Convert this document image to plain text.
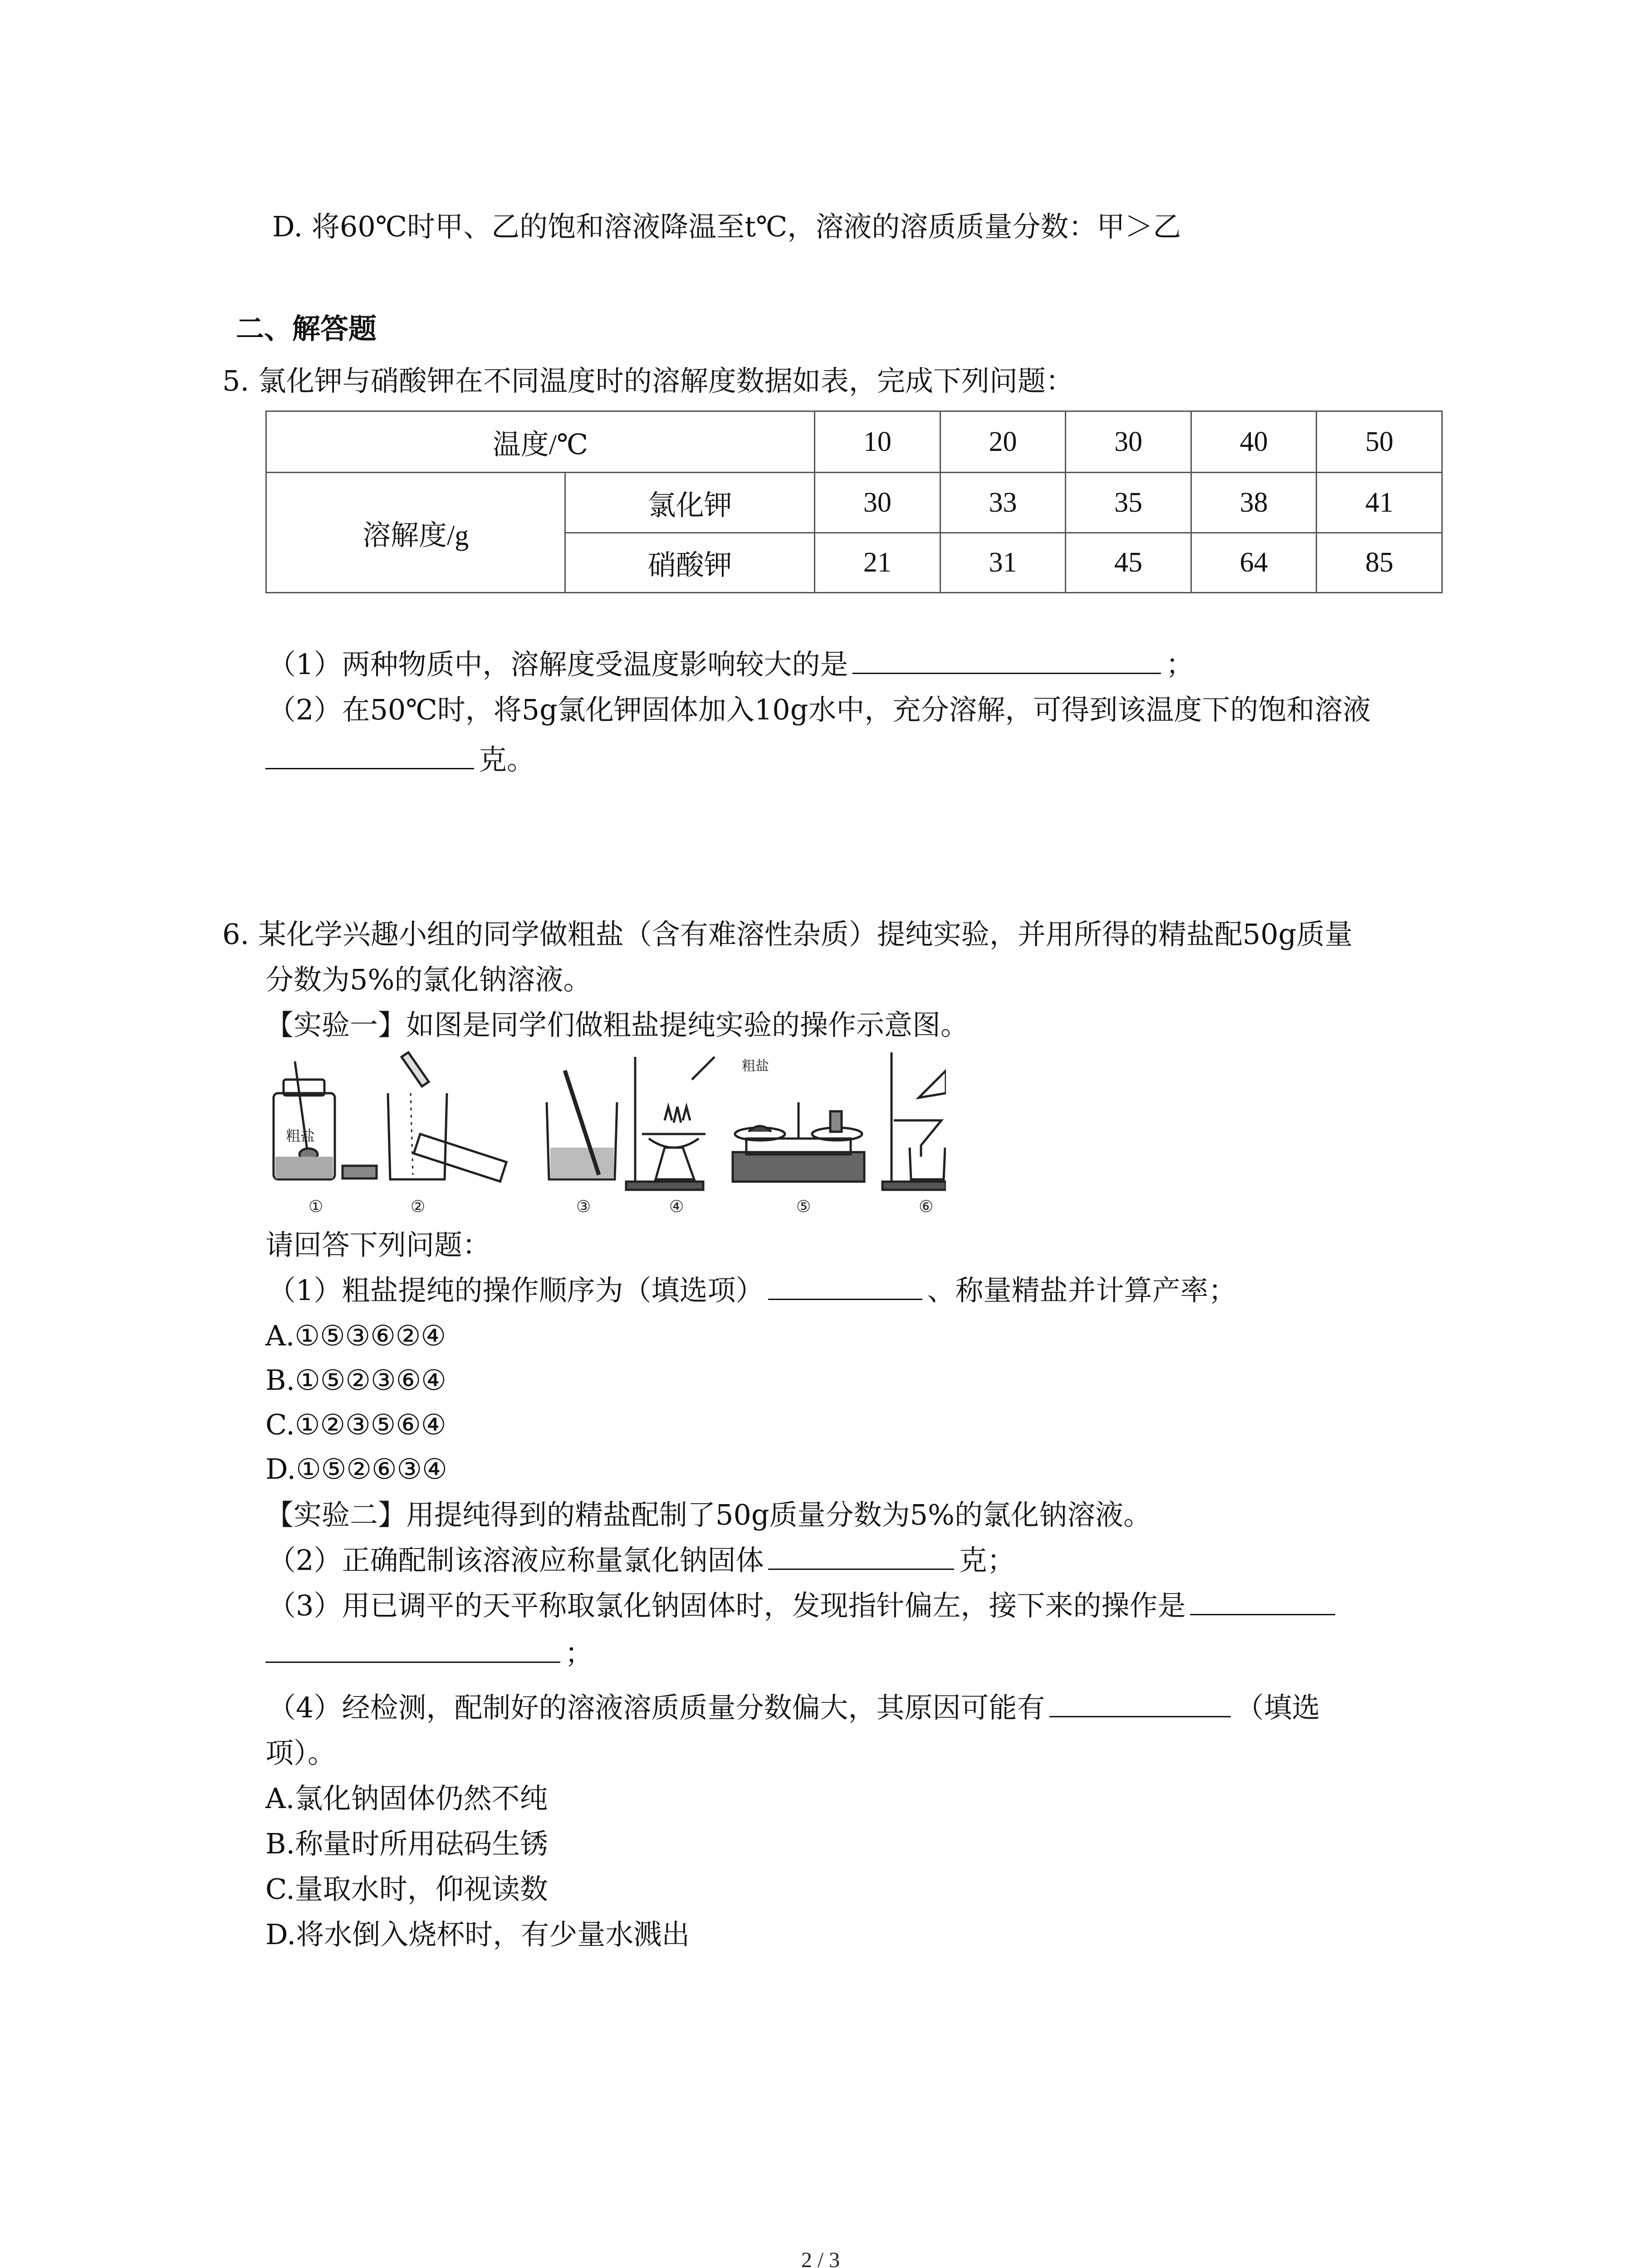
D. 将60℃时甲、乙的饱和溶液降温至t℃，溶液的溶质质量分数：甲＞乙
二、解答题
5. 氯化钾与硝酸钾在不同温度时的溶解度数据如表，完成下列问题：
温度/℃		10	20	30	40	50
溶解度/g	氯化钾	30	33	35	38	41
	硝酸钾	21	31	45	64	85
（1）两种物质中，溶解度受温度影响较大的是	；
（2）在50℃时，将5g氯化钾固体加入10g水中，充分溶解，可得到该温度下的饱和溶液
克。
6. 某化学兴趣小组的同学做粗盐（含有难溶性杂质）提纯实验，并用所得的精盐配50g质量
分数为5%的氯化钠溶液。
【实验一】如图是同学们做粗盐提纯实验的操作示意图。
粗盐
粗盐
①	②	③	④	⑤	⑥
请回答下列问题：
（1）粗盐提纯的操作顺序为（填选项）	、称量精盐并计算产率；
A.①⑤③⑥②④
B.①⑤②③⑥④
C.①②③⑤⑥④
D.①⑤②⑥③④
【实验二】用提纯得到的精盐配制了50g质量分数为5%的氯化钠溶液。
（2）正确配制该溶液应称量氯化钠固体	克；
（3）用已调平的天平称取氯化钠固体时，发现指针偏左，接下来的操作是
；
（4）经检测，配制好的溶液溶质质量分数偏大，其原因可能有	（填选
项）。
A.氯化钠固体仍然不纯
B.称量时所用砝码生锈
C.量取水时，仰视读数
D.将水倒入烧杯时，有少量水溅出
2 / 3
